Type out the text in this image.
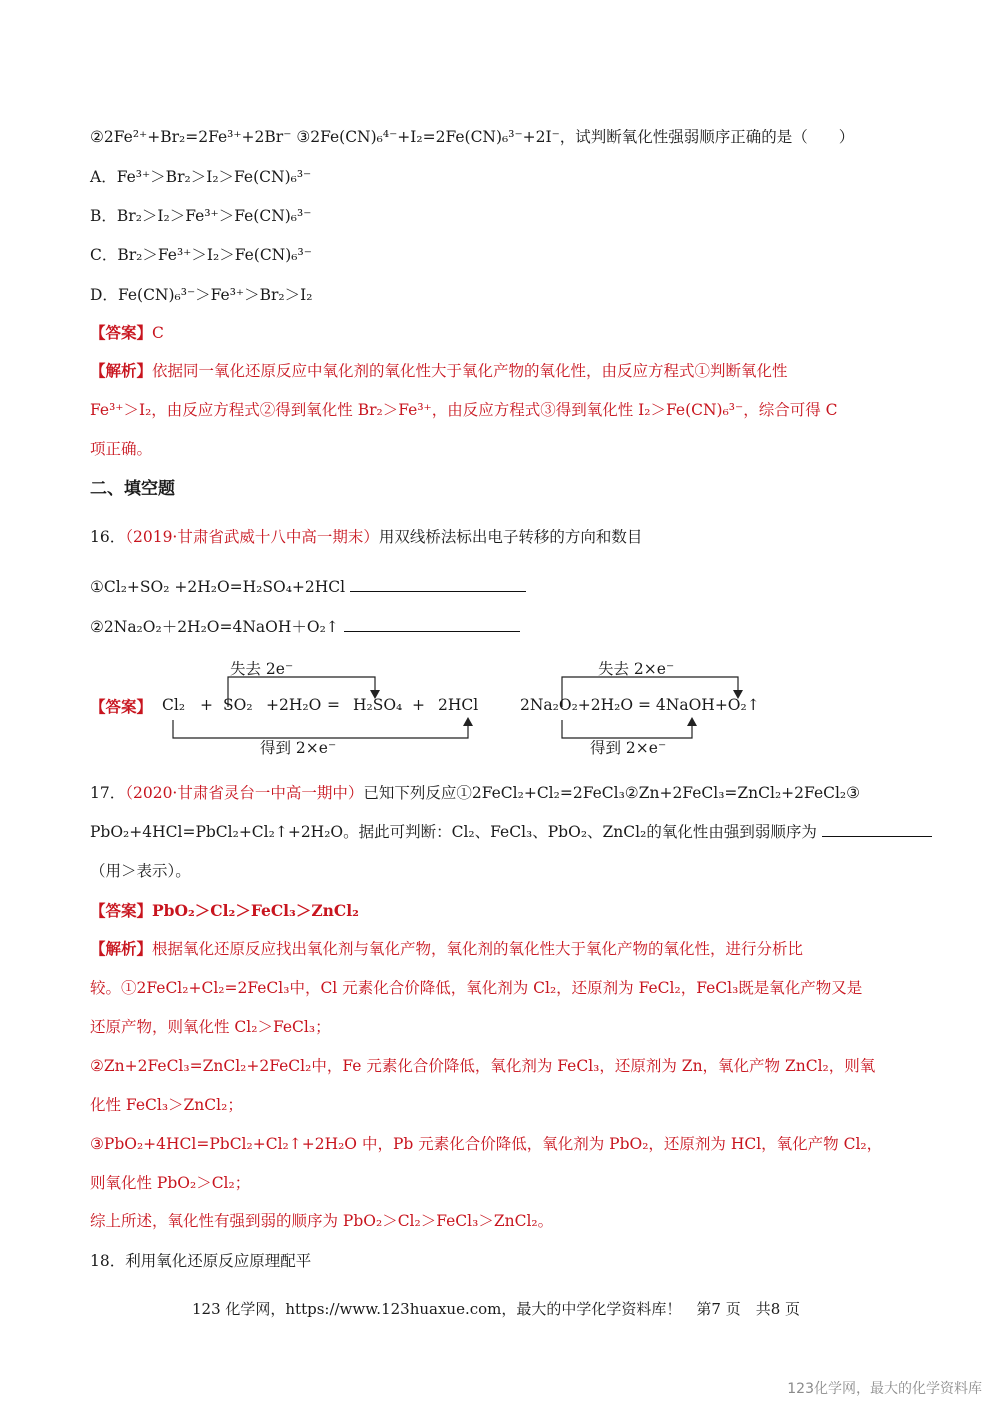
②2Fe²⁺+Br₂=2Fe³⁺+2Br⁻ ③2Fe(CN)₆⁴⁻+I₂=2Fe(CN)₆³⁻+2I⁻，试判断氧化性强弱顺序正确的是（　　）
A．Fe³⁺＞Br₂＞I₂＞Fe(CN)₆³⁻
B．Br₂＞I₂＞Fe³⁺＞Fe(CN)₆³⁻
C．Br₂＞Fe³⁺＞I₂＞Fe(CN)₆³⁻
D．Fe(CN)₆³⁻＞Fe³⁺＞Br₂＞I₂
【答案】C
【解析】依据同一氧化还原反应中氧化剂的氧化性大于氧化产物的氧化性，由反应方程式①判断氧化性
Fe³⁺＞I₂，由反应方程式②得到氧化性 Br₂＞Fe³⁺，由反应方程式③得到氧化性 I₂＞Fe(CN)₆³⁻，综合可得 C
项正确。
二、填空题
16．（2019·甘肃省武威十八中高一期末）用双线桥法标出电子转移的方向和数目
①Cl₂+SO₂ +2H₂O=H₂SO₄+2HCl
②2Na₂O₂＋2H₂O=4NaOH＋O₂↑
【答案】
失去 2e⁻
Cl₂ + SO₂ +2H₂O = H₂SO₄ + 2HCl
得到 2×e⁻
失去 2×e⁻
2Na₂O₂+2H₂O = 4NaOH+O₂↑
得到 2×e⁻
17．（2020·甘肃省灵台一中高一期中）已知下列反应①2FeCl₂+Cl₂=2FeCl₃②Zn+2FeCl₃=ZnCl₂+2FeCl₂③
PbO₂+4HCl=PbCl₂+Cl₂↑+2H₂O。据此可判断：Cl₂、FeCl₃、PbO₂、ZnCl₂的氧化性由强到弱顺序为
（用＞表示）。
【答案】PbO₂＞Cl₂＞FeCl₃＞ZnCl₂
【解析】根据氧化还原反应找出氧化剂与氧化产物，氧化剂的氧化性大于氧化产物的氧化性，进行分析比
较。①2FeCl₂+Cl₂=2FeCl₃中，Cl 元素化合价降低，氧化剂为 Cl₂，还原剂为 FeCl₂，FeCl₃既是氧化产物又是
还原产物，则氧化性 Cl₂＞FeCl₃；
②Zn+2FeCl₃=ZnCl₂+2FeCl₂中，Fe 元素化合价降低，氧化剂为 FeCl₃，还原剂为 Zn，氧化产物 ZnCl₂，则氧
化性 FeCl₃＞ZnCl₂；
③PbO₂+4HCl=PbCl₂+Cl₂↑+2H₂O 中，Pb 元素化合价降低，氧化剂为 PbO₂，还原剂为 HCl，氧化产物 Cl₂，
则氧化性 PbO₂＞Cl₂；
综上所述，氧化性有强到弱的顺序为 PbO₂＞Cl₂＞FeCl₃＞ZnCl₂。
18．利用氧化还原反应原理配平
123 化学网，https://www.123huaxue.com，最大的中学化学资料库！　第7 页　共8 页
123化学网，最大的化学资料库
